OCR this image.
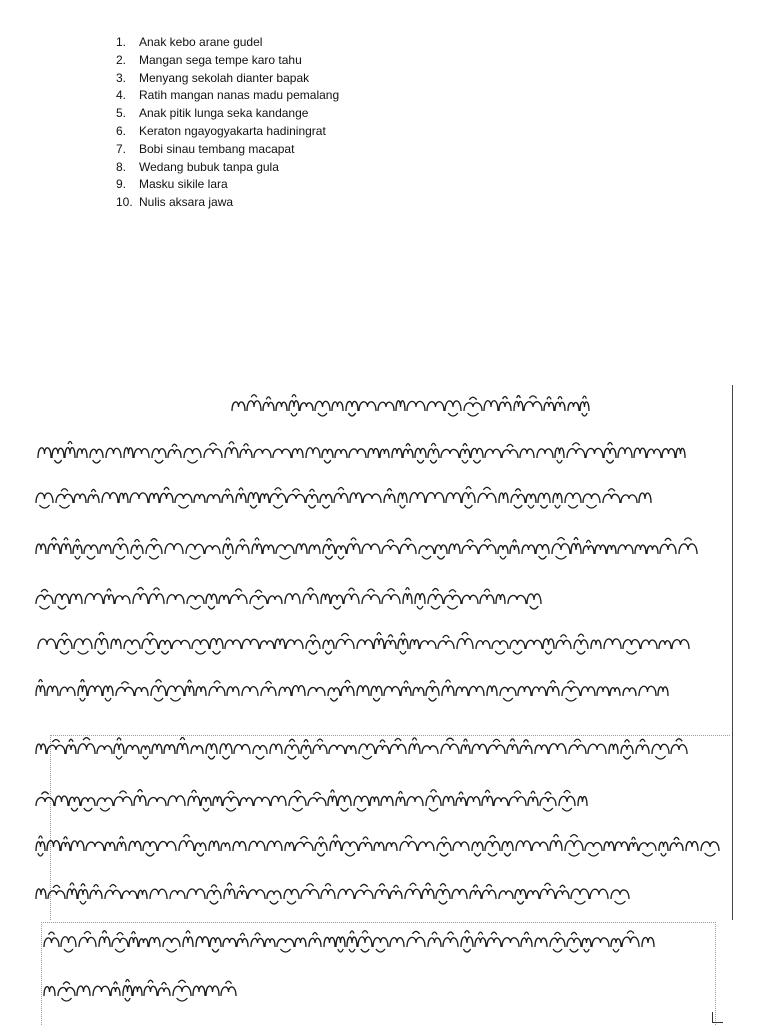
1.	Anak kebo arane gudel
2.	Mangan sega tempe karo tahu
3.	Menyang sekolah dianter bapak
4.	Ratih mangan nanas madu pemalang
5.	Anak pitik lunga seka kandange
6.	Keraton ngayogyakarta hadiningrat
7.	Bobi sinau tembang macapat
8.	Wedang bubuk tanpa gula
9.	Masku sikile lara
10. Nulis aksara jawa
